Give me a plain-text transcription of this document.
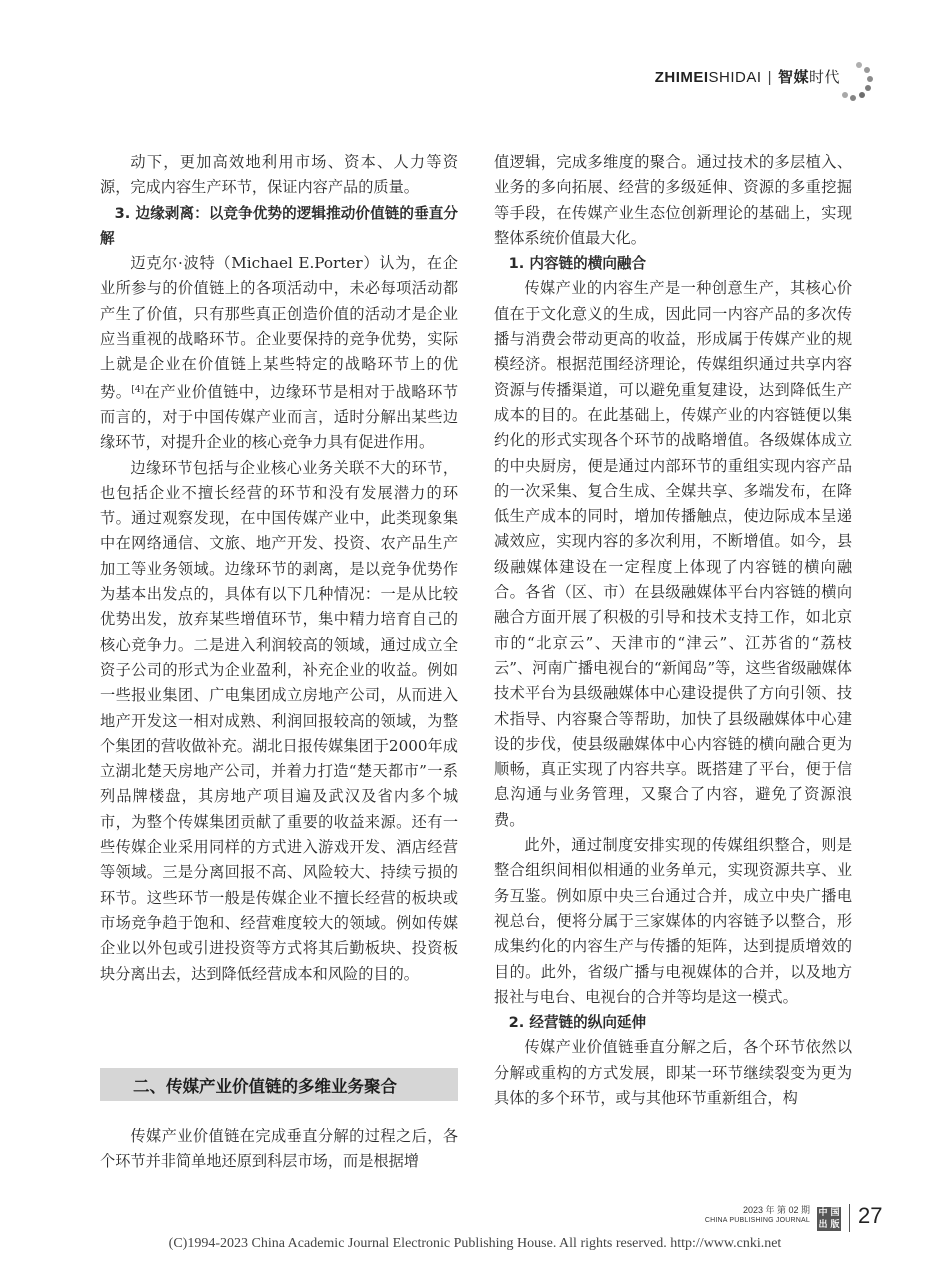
ZHIMEISHIDAI | 智媒时代

动下，更加高效地利用市场、资本、人力等资源，完成内容生产环节，保证内容产品的质量。

3. 边缘剥离：以竞争优势的逻辑推动价值链的垂直分解

迈克尔·波特（Michael E.Porter）认为，在企业所参与的价值链上的各项活动中，未必每项活动都产生了价值，只有那些真正创造价值的活动才是企业应当重视的战略环节。企业要保持的竞争优势，实际上就是企业在价值链上某些特定的战略环节上的优势。[4]在产业价值链中，边缘环节是相对于战略环节而言的，对于中国传媒产业而言，适时分解出某些边缘环节，对提升企业的核心竞争力具有促进作用。

边缘环节包括与企业核心业务关联不大的环节，也包括企业不擅长经营的环节和没有发展潜力的环节。通过观察发现，在中国传媒产业中，此类现象集中在网络通信、文旅、地产开发、投资、农产品生产加工等业务领域。边缘环节的剥离，是以竞争优势作为基本出发点的，具体有以下几种情况：一是从比较优势出发，放弃某些增值环节，集中精力培育自己的核心竞争力。二是进入利润较高的领域，通过成立全资子公司的形式为企业盈利，补充企业的收益。例如一些报业集团、广电集团成立房地产公司，从而进入地产开发这一相对成熟、利润回报较高的领域，为整个集团的营收做补充。湖北日报传媒集团于2000年成立湖北楚天房地产公司，并着力打造“楚天都市”一系列品牌楼盘，其房地产项目遍及武汉及省内多个城市，为整个传媒集团贡献了重要的收益来源。还有一些传媒企业采用同样的方式进入游戏开发、酒店经营等领域。三是分离回报不高、风险较大、持续亏损的环节。这些环节一般是传媒企业不擅长经营的板块或市场竞争趋于饱和、经营难度较大的领域。例如传媒企业以外包或引进投资等方式将其后勤板块、投资板块分离出去，达到降低经营成本和风险的目的。

二、传媒产业价值链的多维业务聚合

传媒产业价值链在完成垂直分解的过程之后，各个环节并非简单地还原到科层市场，而是根据增

值逻辑，完成多维度的聚合。通过技术的多层植入、业务的多向拓展、经营的多级延伸、资源的多重挖掘等手段，在传媒产业生态位创新理论的基础上，实现整体系统价值最大化。

1. 内容链的横向融合

传媒产业的内容生产是一种创意生产，其核心价值在于文化意义的生成，因此同一内容产品的多次传播与消费会带动更高的收益，形成属于传媒产业的规模经济。根据范围经济理论，传媒组织通过共享内容资源与传播渠道，可以避免重复建设，达到降低生产成本的目的。在此基础上，传媒产业的内容链便以集约化的形式实现各个环节的战略增值。各级媒体成立的中央厨房，便是通过内部环节的重组实现内容产品的一次采集、复合生成、全媒共享、多端发布，在降低生产成本的同时，增加传播触点，使边际成本呈递减效应，实现内容的多次利用，不断增值。如今，县级融媒体建设在一定程度上体现了内容链的横向融合。各省（区、市）在县级融媒体平台内容链的横向融合方面开展了积极的引导和技术支持工作，如北京市的“北京云”、天津市的“津云”、江苏省的“荔枝云”、河南广播电视台的“新闻岛”等，这些省级融媒体技术平台为县级融媒体中心建设提供了方向引领、技术指导、内容聚合等帮助，加快了县级融媒体中心建设的步伐，使县级融媒体中心内容链的横向融合更为顺畅，真正实现了内容共享。既搭建了平台，便于信息沟通与业务管理，又聚合了内容，避免了资源浪费。

此外，通过制度安排实现的传媒组织整合，则是整合组织间相似相通的业务单元，实现资源共享、业务互鉴。例如原中央三台通过合并，成立中央广播电视总台，便将分属于三家媒体的内容链予以整合，形成集约化的内容生产与传播的矩阵，达到提质增效的目的。此外，省级广播与电视媒体的合并，以及地方报社与电台、电视台的合并等均是这一模式。

2. 经营链的纵向延伸

传媒产业价值链垂直分解之后，各个环节依然以分解或重构的方式发展，即某一环节继续裂变为更为具体的多个环节，或与其他环节重新组合，构

2023 年 第 02 期
CHINA PUBLISHING JOURNAL
中 国
出 版 27
(C)1994-2023 China Academic Journal Electronic Publishing House. All rights reserved. http://www.cnki.net
